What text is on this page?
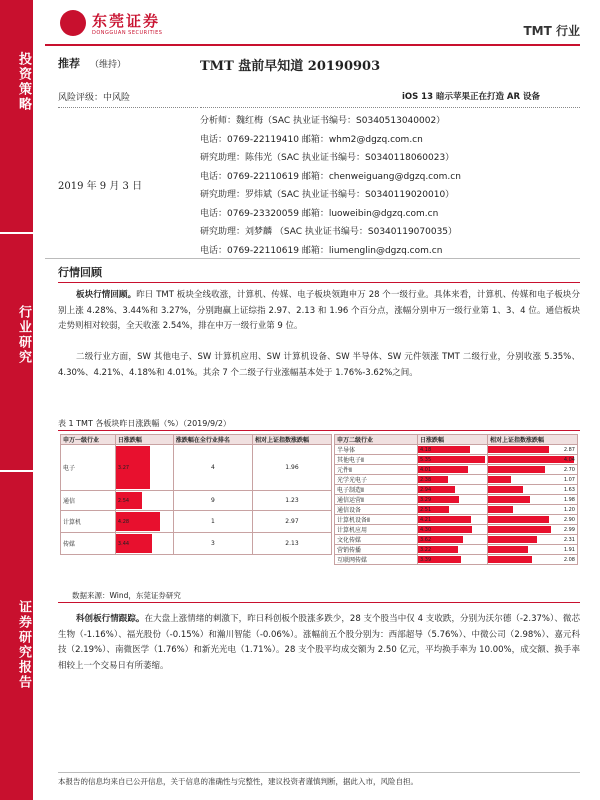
投资策略
行业研究
证券研究报告
东莞证券
DONGGUAN SECURITIES	TMT 行业
推荐 （维持）	TMT 盘前早知道 20190903
风险评级：中风险	iOS 13 暗示苹果正在打造 AR 设备
2019 年 9 月 3 日
分析师：魏红梅（SAC 执业证书编号：S0340513040002）
电话：0769-22119410 邮箱：whm2@dgzq.com.cn
研究助理：陈伟光（SAC 执业证书编号：S0340118060023）
电话：0769-22110619 邮箱：chenweiguang@dgzq.com.cn
研究助理：罗炜斌（SAC 执业证书编号：S0340119020010）
电话：0769-23320059 邮箱：luoweibin@dgzq.com.cn
研究助理：刘梦麟 （SAC 执业证书编号：S0340119070035）
电话：0769-22110619 邮箱：liumenglin@dgzq.com.cn
行情回顾
板块行情回顾。昨日 TMT 板块全线收涨，计算机、传媒、电子板块领跑申万 28 个一级行业。具体来看，计算机、传媒和电子板块分别上涨 4.28%、3.44%和 3.27%，分别跑赢上证综指 2.97、2.13 和 1.96 个百分点，涨幅分别申万一级行业第 1、3、4 位。通信板块走势则相对较弱，全天收涨 2.54%，排在申万一级行业第 9 位。
二级行业方面，SW 其他电子、SW 计算机应用、SW 计算机设备、SW 半导体、SW 元件领涨 TMT 二级行业，分别收涨 5.35%、4.30%、4.21%、4.18%和 4.01%。其余 7 个二级子行业涨幅基本处于 1.76%-3.62%之间。
表 1 TMT 各板块昨日涨跌幅（%）（2019/9/2）
申万一级行业	日涨跌幅	涨跌幅在全行业排名	相对上证指数涨跌幅
电子	3.27	4	1.96
通信	2.54	9	1.23
计算机	4.28	1	2.97
传媒	3.44	3	2.13
申万二级行业	日涨跌幅	相对上证指数涨跌幅
半导体	4.18	2.87

其他电子Ⅱ	5.35	4.04

元件Ⅱ	4.01	2.70

光学光电子	2.38	1.07

电子制造Ⅱ	2.94	1.63

通信运营Ⅱ	3.29	1.98

通信设备	2.51	1.20

计算机设备Ⅱ	4.21	2.90

计算机应用	4.30	2.99

文化传媒	3.62	2.31

营销传播	3.22	1.91

互联网传媒	3.39	2.08
数据来源：Wind，东莞证券研究
科创板行情跟踪。在大盘上涨情绪的刺激下，昨日科创板个股涨多跌少，28 支个股当中仅 4 支收跌，分别为沃尔德（-2.37%）、微芯生物（-1.16%）、福光股份（-0.15%）和瀚川智能（-0.06%）。涨幅前五个股分别为：西部超导（5.76%）、中微公司（2.98%）、嘉元科技（2.19%）、南微医学（1.76%）和新光光电（1.71%）。28 支个股平均成交额为 2.50 亿元，平均换手率为 10.00%，成交额、换手率相较上一个交易日有所萎缩。
本报告的信息均来自已公开信息，关于信息的准确性与完整性，建议投资者谨慎判断，据此入市，风险自担。
